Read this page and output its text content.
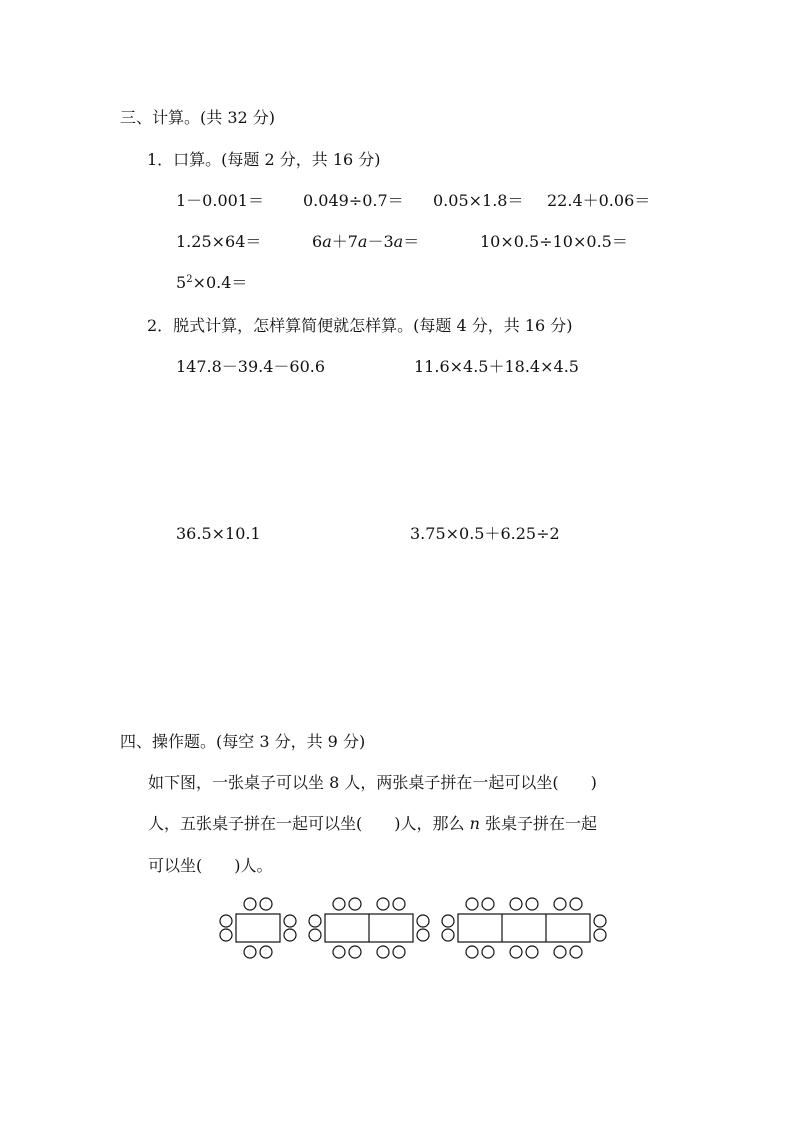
三、计算。(共 32 分)
1．口算。(每题 2 分，共 16 分)
1－0.001＝ 0.049÷0.7＝ 0.05×1.8＝ 22.4＋0.06＝
1.25×64＝	6a＋7a－3a＝	10×0.5÷10×0.5＝
$5^2\times 0.4=$
2．脱式计算，怎样算简便就怎样算。(每题 4 分，共 16 分)
147.8－39.4－60.6	11.6×4.5＋18.4×4.5
36.5×10.1	3.75×0.5＋6.25÷2
四、操作题。(每空 3 分，共 9 分)
如下图，一张桌子可以坐 8 人，两张桌子拼在一起可以坐(　　)
人，五张桌子拼在一起可以坐(　　)人，那么 n 张桌子拼在一起
可以坐(　　)人。
